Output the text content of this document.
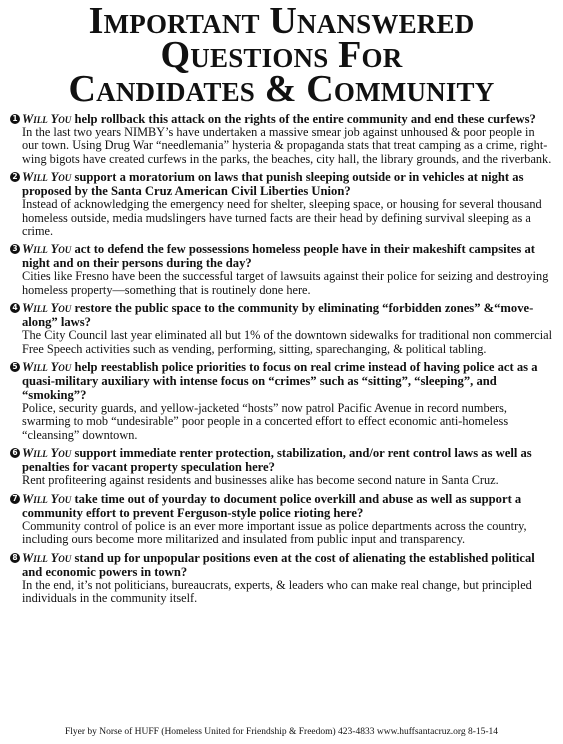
Important Unanswered
Questions For
Candidates & Community
1 Will You help rollback this attack on the rights of the entire community and end these curfews?
In the last two years NIMBY’s have undertaken a massive smear job against unhoused & poor people in our town. Using Drug War “needlemania” hysteria & propaganda stats that treat camping as a crime, right-wing bigots have created curfews in the parks, the beaches, city hall, the library grounds, and the riverbank.
2 Will You support a moratorium on laws that punish sleeping outside or in vehicles at night as proposed by the Santa Cruz American Civil Liberties Union?
Instead of acknowledging the emergency need for shelter, sleeping space, or housing for several thousand homeless outside, media mudslingers have turned facts are their head by defining survival sleeping as a crime.
3 Will You act to defend the few possessions homeless people have in their makeshift campsites at night and on their persons during the day?
Cities like Fresno have been the successful target of lawsuits against their police for seizing and destroying homeless property—something that is routinely done here.
4 Will You restore the public space to the community by eliminating “forbidden zones” &“move-along” laws?
The City Council last year eliminated all but 1% of the downtown sidewalks for traditional non commercial Free Speech activities such as vending, performing, sitting, sparechanging, & political tabling.
5 Will You help reestablish police priorities to focus on real crime instead of having police act as a quasi-military auxiliary with intense focus on “crimes” such as “sitting”, “sleeping”, and “smoking”?
Police, security guards, and yellow-jacketed “hosts” now patrol Pacific Avenue in record numbers, swarming to mob “undesirable” poor people in a concerted effort to effect economic anti-homeless “cleansing” downtown.
6 Will You support immediate renter protection, stabilization, and/or rent control laws as well as penalties for vacant property speculation here?
Rent profiteering against residents and businesses alike has become second nature in Santa Cruz.
7 Will You take time out of yourday to document police overkill and abuse as well as support a community effort to prevent Ferguson-style police rioting here?
Community control of police is an ever more important issue as police departments across the country, including ours become more militarized and insulated from public input and transparency.
8 Will You stand up for unpopular positions even at the cost of alienating the established political and economic powers in town?
In the end, it’s not politicians, bureaucrats, experts, & leaders who can make real change, but principled individuals in the community itself.
Flyer by Norse of HUFF (Homeless United for Friendship & Freedom) 423-4833 www.huffsantacruz.org 8-15-14
